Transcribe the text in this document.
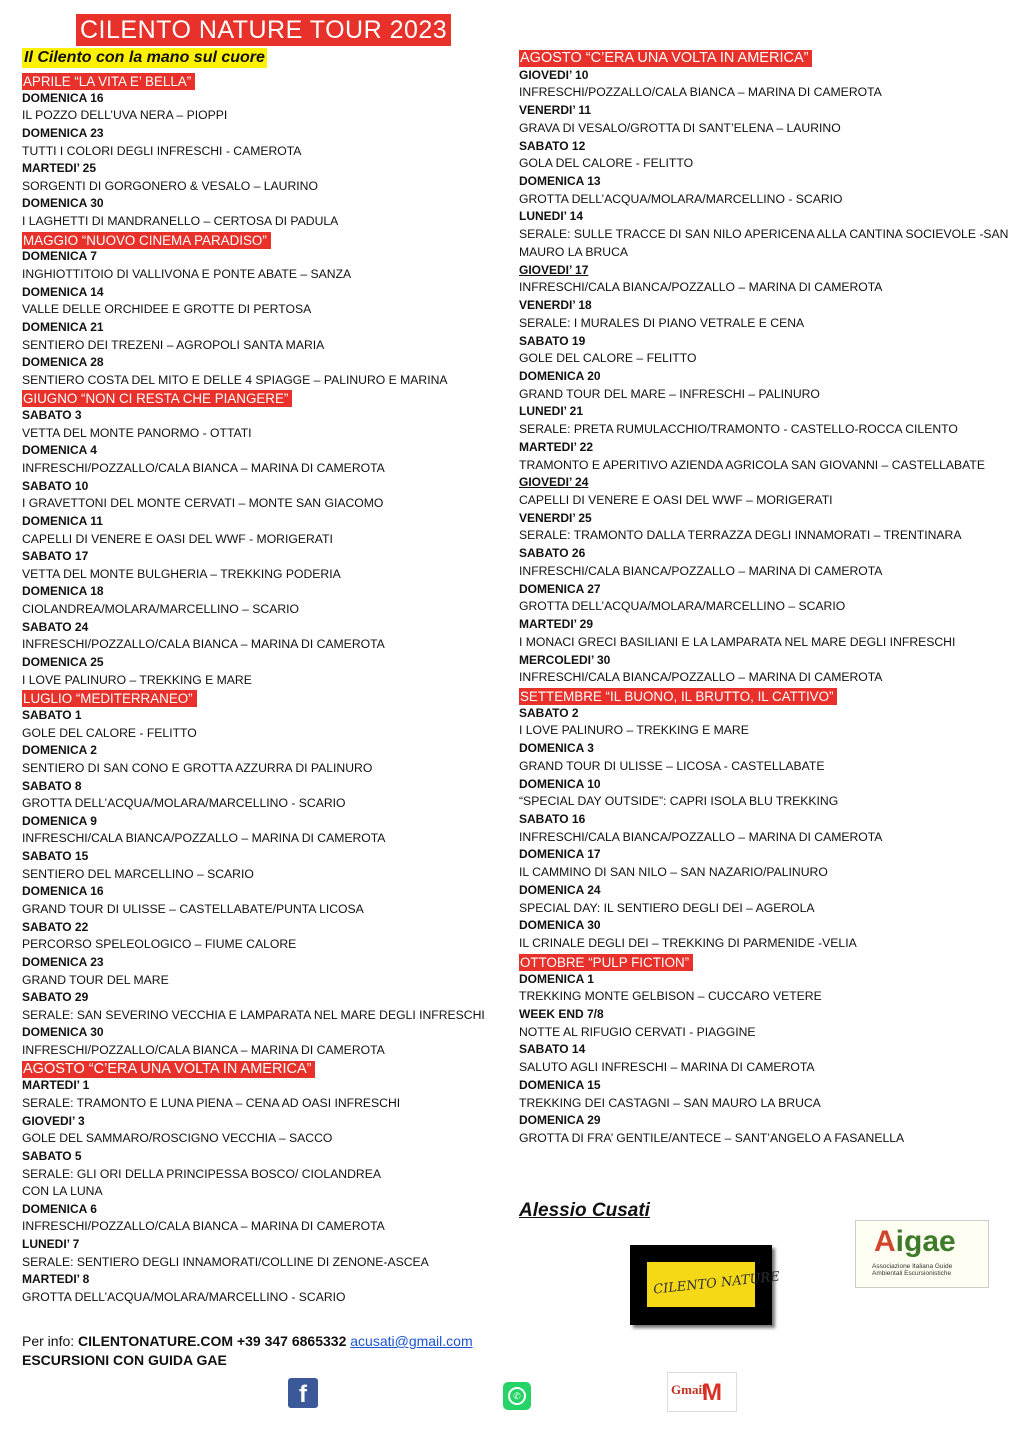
CILENTO NATURE TOUR 2023
Il Cilento con la mano sul cuore
APRILE “LA VITA E’ BELLA”
DOMENICA 16
IL POZZO DELL’UVA NERA – PIOPPI
DOMENICA 23
TUTTI I COLORI DEGLI INFRESCHI - CAMEROTA
MARTEDI’ 25
SORGENTI DI GORGONERO & VESALO – LAURINO
DOMENICA 30
I LAGHETTI DI MANDRANELLO – CERTOSA DI PADULA
MAGGIO “NUOVO CINEMA PARADISO”
DOMENICA 7
INGHIOTTITOIO DI VALLIVONA E PONTE ABATE – SANZA
DOMENICA 14
VALLE DELLE ORCHIDEE E GROTTE DI PERTOSA
DOMENICA 21
SENTIERO DEI TREZENI – AGROPOLI SANTA MARIA
DOMENICA 28
SENTIERO COSTA DEL MITO E DELLE 4 SPIAGGE – PALINURO E MARINA
GIUGNO “NON CI RESTA CHE PIANGERE”
SABATO 3
VETTA DEL MONTE PANORMO - OTTATI
DOMENICA 4
INFRESCHI/POZZALLO/CALA BIANCA – MARINA DI CAMEROTA
SABATO 10
I GRAVETTONI DEL MONTE CERVATI – MONTE SAN GIACOMO
DOMENICA 11
CAPELLI DI VENERE E OASI DEL WWF - MORIGERATI
SABATO 17
VETTA DEL MONTE BULGHERIA – TREKKING PODERIA
DOMENICA 18
CIOLANDREA/MOLARA/MARCELLINO – SCARIO
SABATO 24
INFRESCHI/POZZALLO/CALA BIANCA – MARINA DI CAMEROTA
DOMENICA 25
I LOVE PALINURO – TREKKING E MARE
LUGLIO “MEDITERRANEO”
SABATO 1
GOLE DEL CALORE - FELITTO
DOMENICA 2
SENTIERO DI SAN CONO E GROTTA AZZURRA DI PALINURO
SABATO 8
GROTTA DELL’ACQUA/MOLARA/MARCELLINO - SCARIO
DOMENICA 9
INFRESCHI/CALA BIANCA/POZZALLO – MARINA DI CAMEROTA
SABATO 15
SENTIERO DEL MARCELLINO – SCARIO
DOMENICA 16
GRAND TOUR DI ULISSE – CASTELLABATE/PUNTA LICOSA
SABATO 22
PERCORSO SPELEOLOGICO – FIUME CALORE
DOMENICA 23
GRAND TOUR DEL MARE
SABATO 29
SERALE: SAN SEVERINO VECCHIA E LAMPARATA NEL MARE DEGLI INFRESCHI
DOMENICA 30
INFRESCHI/POZZALLO/CALA BIANCA – MARINA DI CAMEROTA
AGOSTO “C’ERA UNA VOLTA IN AMERICA”
MARTEDI’ 1
SERALE: TRAMONTO E LUNA PIENA – CENA AD OASI INFRESCHI
GIOVEDI’ 3
GOLE DEL SAMMARO/ROSCIGNO VECCHIA – SACCO
SABATO 5
SERALE: GLI ORI DELLA PRINCIPESSA BOSCO/ CIOLANDREA
CON LA LUNA
DOMENICA 6
INFRESCHI/POZZALLO/CALA BIANCA – MARINA DI CAMEROTA
LUNEDI’ 7
SERALE: SENTIERO DEGLI INNAMORATI/COLLINE DI ZENONE-ASCEA
MARTEDI’ 8
GROTTA DELL’ACQUA/MOLARA/MARCELLINO - SCARIO
AGOSTO “C’ERA UNA VOLTA IN AMERICA”
GIOVEDI’ 10
INFRESCHI/POZZALLO/CALA BIANCA – MARINA DI CAMEROTA
VENERDI’ 11
GRAVA DI VESALO/GROTTA DI SANT’ELENA – LAURINO
SABATO 12
GOLA DEL CALORE - FELITTO
DOMENICA 13
GROTTA DELL’ACQUA/MOLARA/MARCELLINO - SCARIO
LUNEDI’ 14
SERALE: SULLE TRACCE DI SAN NILO APERICENA ALLA CANTINA SOCIEVOLE -SAN
MAURO LA BRUCA
GIOVEDI’ 17
INFRESCHI/CALA BIANCA/POZZALLO – MARINA DI CAMEROTA
VENERDI’ 18
SERALE: I MURALES DI PIANO VETRALE E CENA
SABATO 19
GOLE DEL CALORE – FELITTO
DOMENICA 20
GRAND TOUR DEL MARE – INFRESCHI – PALINURO
LUNEDI’ 21
SERALE: PRETA RUMULACCHIO/TRAMONTO - CASTELLO-ROCCA CILENTO
MARTEDI’ 22
TRAMONTO E APERITIVO AZIENDA AGRICOLA SAN GIOVANNI – CASTELLABATE
GIOVEDI’ 24
CAPELLI DI VENERE E OASI DEL WWF – MORIGERATI
VENERDI’ 25
SERALE: TRAMONTO DALLA TERRAZZA DEGLI INNAMORATI – TRENTINARA
SABATO 26
INFRESCHI/CALA BIANCA/POZZALLO – MARINA DI CAMEROTA
DOMENICA 27
GROTTA DELL’ACQUA/MOLARA/MARCELLINO – SCARIO
MARTEDI’ 29
I MONACI GRECI BASILIANI E LA LAMPARATA NEL MARE DEGLI INFRESCHI
MERCOLEDI’ 30
INFRESCHI/CALA BIANCA/POZZALLO – MARINA DI CAMEROTA
SETTEMBRE “IL BUONO, IL BRUTTO, IL CATTIVO”
SABATO 2
I LOVE PALINURO – TREKKING E MARE
DOMENICA 3
GRAND TOUR DI ULISSE – LICOSA - CASTELLABATE
DOMENICA 10
“SPECIAL DAY OUTSIDE”: CAPRI ISOLA BLU TREKKING
SABATO 16
INFRESCHI/CALA BIANCA/POZZALLO – MARINA DI CAMEROTA
DOMENICA 17
IL CAMMINO DI SAN NILO – SAN NAZARIO/PALINURO
DOMENICA 24
SPECIAL DAY: IL SENTIERO DEGLI DEI – AGEROLA
DOMENICA 30
IL CRINALE DEGLI DEI – TREKKING DI PARMENIDE -VELIA
OTTOBRE “PULP FICTION”
DOMENICA 1
TREKKING MONTE GELBISON – CUCCARO VETERE
WEEK END 7/8
NOTTE AL RIFUGIO CERVATI - PIAGGINE
SABATO 14
SALUTO AGLI INFRESCHI – MARINA DI CAMEROTA
DOMENICA 15
TREKKING DEI CASTAGNI – SAN MAURO LA BRUCA
DOMENICA 29
GROTTA DI FRA’ GENTILE/ANTECE – SANT’ANGELO A FASANELLA
Alessio Cusati
CILENTO NATURE
Aigae
Associazione Italiana Guide Ambientali Escursionistiche
Per info: CILENTONATURE.COM +39 347 6865332 acusati@gmail.com
ESCURSIONI CON GUIDA GAE
f	✆	Gmail
M
